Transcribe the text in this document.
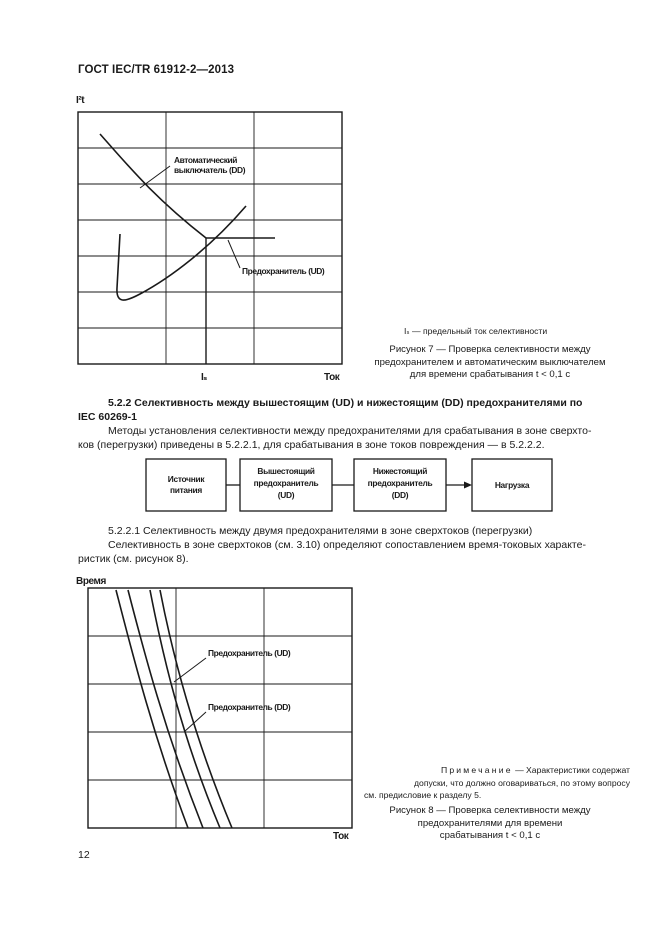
ГОСТ IEC/TR 61912-2—2013
I²t
Автоматический
выключатель (DD)
Предохранитель (UD)
Iₛ	Ток
Iₛ — предельный ток селективности
Рисунок 7 — Проверка селективности между
предохранителем и автоматическим выключателем
для времени срабатывания t < 0,1 с
5.2.2 Селективность между вышестоящим (UD) и нижестоящим (DD) предохранителями по
IEC 60269-1
Методы установления селективности между предохранителями для срабатывания в зоне сверхто-
ков (перегрузки) приведены в 5.2.2.1, для срабатывания в зоне токов повреждения — в 5.2.2.2.
Источник
питания
Вышестоящий
предохранитель
(UD)
Нижестоящий
предохранитель
(DD)
Нагрузка
5.2.2.1 Селективность между двумя предохранителями в зоне сверхтоков (перегрузки)
Селективность в зоне сверхтоков (см. 3.10) определяют сопоставлением время-токовых характе-
ристик (см. рисунок 8).
Время
Предохранитель (UD)
Предохранитель (DD)
Ток
Примечание — Характеристики содержат
допуски, что должно оговариваться, по этому вопросу
см. предисловие к разделу 5.
Рисунок 8 — Проверка селективности между
предохранителями для времени
срабатывания t < 0,1 с
12
